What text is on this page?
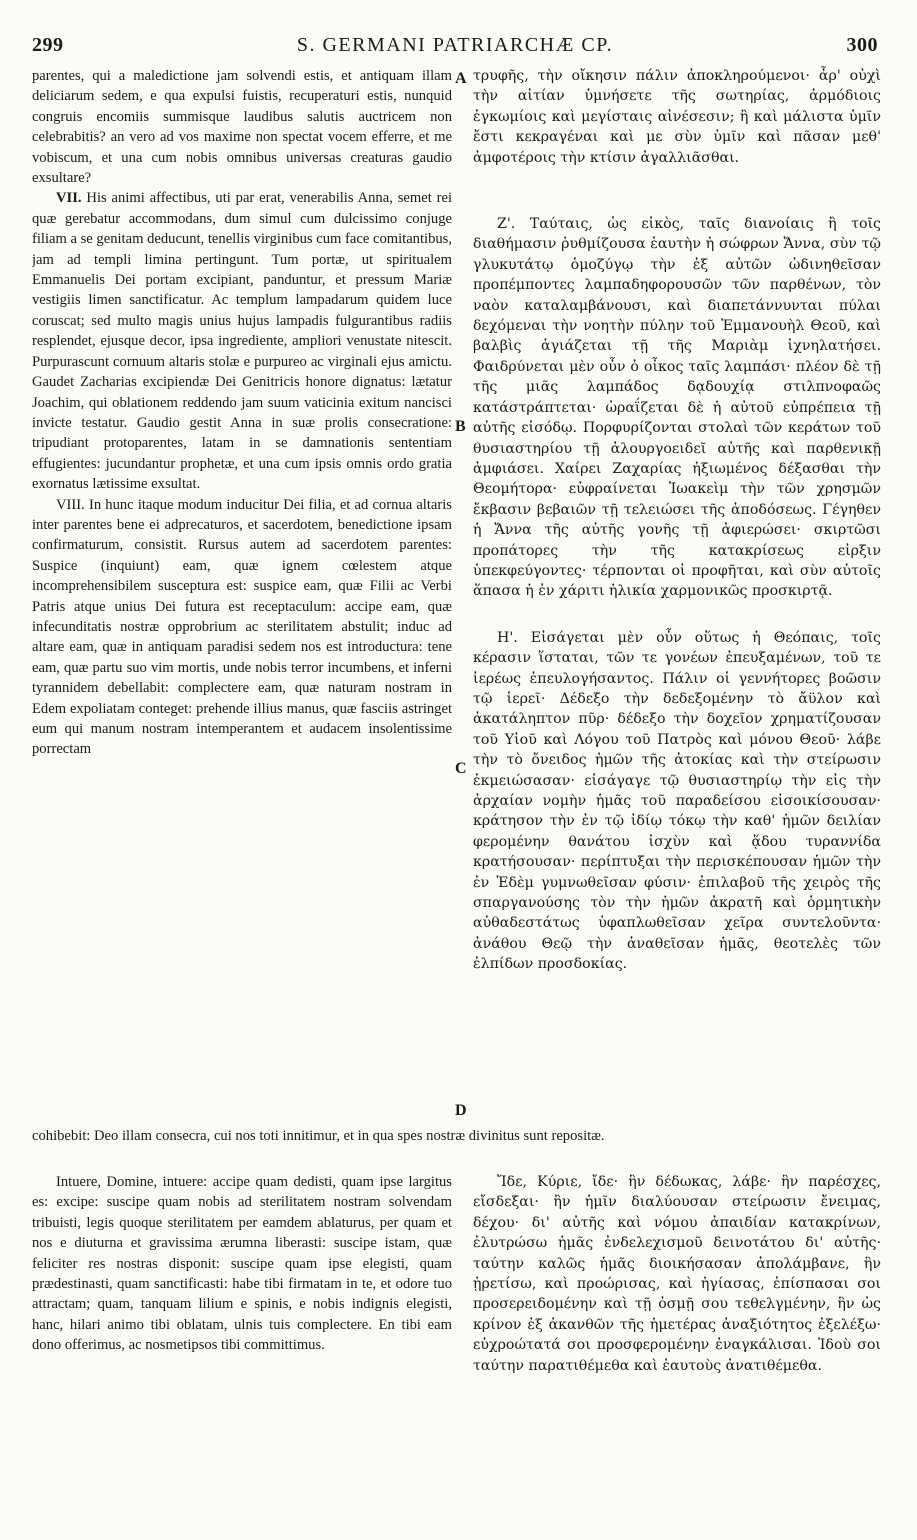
299	S. GERMANI PATRIARCHÆ CP.	300

parentes, qui a maledictione jam solvendi estis, et antiquam illam deliciarum sedem, e qua expulsi fuistis, recuperaturi estis, nunquid congruis encomiis summisque laudibus salutis auctricem non celebrabitis? an vero ad vos maxime non spectat vocem efferre, et me vobiscum, et una cum nobis omnibus universas creaturas gaudio exsultare?

VII. His animi affectibus, uti par erat, venerabilis Anna, semet rei quæ gerebatur accommodans, dum simul cum dulcissimo conjuge filiam a se genitam deducunt, tenellis virginibus cum face comitantibus, jam ad templi limina pertingunt. Tum portæ, ut spiritualem Emmanuelis Dei portam excipiant, panduntur, et pressum Mariæ vestigiis limen sanctificatur. Ac templum lampadarum quidem luce coruscat; sed multo magis unius hujus lampadis fulgurantibus radiis resplendet, ejusque decor, ipsa ingrediente, ampliori venustate nitescit. Purpurascunt cornuum altaris stolæ e purpureo ac virginali ejus amictu. Gaudet Zacharias excipiendæ Dei Genitricis honore dignatus: lætatur Joachim, qui oblationem reddendo jam suum vaticinia exitum nancisci invicte testatur. Gaudio gestit Anna in suæ prolis consecratione: tripudiant protoparentes, latam in se damnationis sententiam effugientes: jucundantur prophetæ, et una cum ipsis omnis ordo gratia exornatus lætissime exsultat.

VIII. In hunc itaque modum inducitur Dei filia, et ad cornua altaris inter parentes bene ei adprecaturos, et sacerdotem, benedictione ipsam confirmaturum, consistit. Rursus autem ad sacerdotem parentes: Suspice (inquiunt) eam, quæ ignem cœlestem atque incomprehensibilem susceptura est: suspice eam, quæ Filii ac Verbi Patris atque unius Dei futura est receptaculum: accipe eam, quæ infecunditatis nostræ opprobrium ac sterilitatem abstulit; induc ad altare eam, quæ in antiquam paradisi sedem nos est introductura: tene eam, quæ partu suo vim mortis, unde nobis terror incumbens, et inferni tyrannidem debellabit: complectere eam, quæ naturam nostram in Edem expoliatam conteget: prehende illius manus, quæ fasciis astringet eum qui manum nostram intemperantem et audacem insolentissime porrectam

τρυφῆς, τὴν οἴκησιν πάλιν ἀποκληρούμενοι· ἆρ' οὐχὶ τὴν αἰτίαν ὑμνήσετε τῆς σωτηρίας, ἀρμόδιοις ἐγκωμίοις καὶ μεγίσταις αἰνέσεσιν; ἢ καὶ μάλιστα ὑμῖν ἔστι κεκραγέναι καὶ με σὺν ὑμῖν καὶ πᾶσαν μεθ' ἀμφοτέροις τὴν κτίσιν ἀγαλλιᾶσθαι.

Ζ'. Ταύταις, ὡς εἰκὸς, ταῖς διανοίαις ἢ τοῖς διαθήμασιν ῥυθμίζουσα ἑαυτὴν ἡ σώφρων Ἄννα, σὺν τῷ γλυκυτάτῳ ὁμοζύγῳ τὴν ἐξ αὐτῶν ὠδινηθεῖσαν προπέμποντες λαμπαδηφορουσῶν τῶν παρθένων, τὸν ναὸν καταλαμβάνουσι, καὶ διαπετάννυνται πύλαι δεχόμεναι τὴν νοητὴν πύλην τοῦ Ἐμμανουὴλ Θεοῦ, καὶ βαλβὶς ἁγιάζεται τῇ τῆς Μαριὰμ ἰχνηλατήσει. Φαιδρύνεται μὲν οὖν ὁ οἶκος ταῖς λαμπάσι· πλέον δὲ τῇ τῆς μιᾶς λαμπάδος δᾳδουχίᾳ στιλπνοφαῶς κατάστράπτεται· ὡραΐζεται δὲ ἡ αὐτοῦ εὐπρέπεια τῇ αὐτῆς εἰσόδῳ. Πορφυρίζονται στολαὶ τῶν κεράτων τοῦ θυσιαστηρίου τῇ ἁλουργοειδεῖ αὐτῆς καὶ παρθενικῇ ἀμφιάσει. Χαίρει Ζαχαρίας ἠξιωμένος δέξασθαι τὴν Θεομήτορα· εὐφραίνεται Ἰωακεὶμ τὴν τῶν χρησμῶν ἔκβασιν βεβαιῶν τῇ τελειώσει τῆς ἀποδόσεως. Γέγηθεν ἡ Ἄννα τῆς αὐτῆς γονῆς τῇ ἀφιερώσει· σκιρτῶσι προπάτορες τὴν τῆς κατακρίσεως εἰρξιν ὑπεκφεύγοντες· τέρπονται οἱ προφῆται, καὶ σὺν αὐτοῖς ἅπασα ἡ ἐν χάριτι ἡλικία χαρμονικῶς προσκιρτᾷ.

Η'. Εἰσάγεται μὲν οὖν οὕτως ἡ Θεόπαις, τοῖς κέρασιν ἵσταται, τῶν τε γονέων ἐπευξαμένων, τοῦ τε ἱερέως ἐπευλογήσαντος. Πάλιν οἱ γεννήτορες βοῶσιν τῷ ἱερεῖ· Δέδεξο τὴν δεδεξομένην τὸ ἄϋλον καὶ ἀκατάληπτον πῦρ· δέδεξο τὴν δοχεῖον χρηματίζουσαν τοῦ Υἱοῦ καὶ Λόγου τοῦ Πατρὸς καὶ μόνου Θεοῦ· λάβε τὴν τὸ ὄνειδος ἡμῶν τῆς ἀτοκίας καὶ τὴν στείρωσιν ἐκμειώσασαν· εἰσάγαγε τῷ θυσιαστηρίῳ τὴν εἰς τὴν ἀρχαίαν νομὴν ἡμᾶς τοῦ παραδείσου εἰσοικίσουσαν· κράτησον τὴν ἐν τῷ ἰδίῳ τόκῳ τὴν καθ' ἡμῶν δειλίαν φερομένην θανάτου ἰσχὺν καὶ ᾅδου τυραννίδα κρατήσουσαν· περίπτυξαι τὴν περισκέπουσαν ἡμῶν τὴν ἐν Ἐδὲμ γυμνωθεῖσαν φύσιν· ἐπιλαβοῦ τῆς χειρὸς τῆς σπαργανούσης τὸν τὴν ἡμῶν ἀκρατῆ καὶ ὁρμητικὴν αὐθαδεστάτως ὑφαπλωθεῖσαν χεῖρα συντελοῦντα· ἀνάθου Θεῷ τὴν ἀναθεῖσαν ἡμᾶς, θεοτελὲς τῶν ἐλπίδων προσδοκίας.

A
B
C
D
cohibebit: Deo illam consecra, cui nos toti innitimur, et in qua spes nostræ divinitus sunt repositæ.

Intuere, Domine, intuere: accipe quam dedisti, quam ipse largitus es: excipe: suscipe quam nobis ad sterilitatem nostram solvendam tribuisti, legis quoque sterilitatem per eamdem ablaturus, per quam et nos e diuturna et gravissima ærumna liberasti: suscipe istam, quæ feliciter res nostras disponit: suscipe quam ipse elegisti, quam prædestinasti, quam sanctificasti: habe tibi firmatam in te, et odore tuo attractam; quam, tanquam lilium e spinis, e nobis indignis elegisti, hanc, hilari animo tibi oblatam, ulnis tuis complectere. En tibi eam dono offerimus, ac nosmetipsos tibi committimus.

Ἴδε, Κύριε, ἴδε· ἣν δέδωκας, λάβε· ἣν παρέσχες, εἴσδεξαι· ἣν ἡμῖν διαλύουσαν στείρωσιν ἔνειμας, δέχου· δι' αὐτῆς καὶ νόμου ἀπαιδίαν κατακρίνων, ἐλυτρώσω ἡμᾶς ἐνδελεχισμοῦ δεινοτάτου δι' αὐτῆς· ταύτην καλῶς ἡμᾶς διοικήσασαν ἀπολάμβανε, ἣν ᾑρετίσω, καὶ προώρισας, καὶ ἡγίασας, ἐπίσπασαι σοι προσερειδομένην καὶ τῇ ὀσμῇ σου τεθελγμένην, ἣν ὡς κρίνον ἐξ ἀκανθῶν τῆς ἡμετέρας ἀναξιότητος ἐξελέξω· εὐχροώτατά σοι προσφερομένην ἐναγκάλισαι. Ἰδοὺ σοι ταύτην παρατιθέμεθα καὶ ἑαυτοὺς ἀνατιθέμεθα.
